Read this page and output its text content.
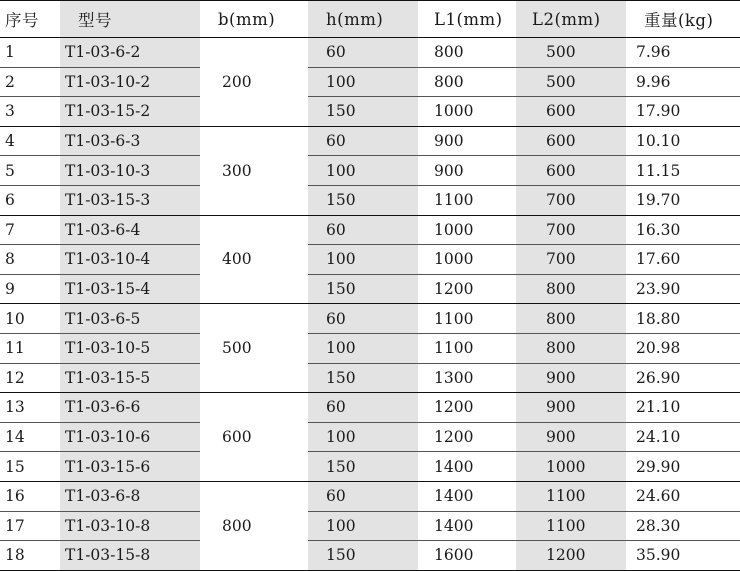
序号	型号	b(mm)	h(mm)	L1(mm)	L2(mm)	重量(kg)
1	T1-03-6-2	200	60	800	500	7.96
2	T1-03-10-2		100	800	500	9.96
3	T1-03-15-2		150	1000	600	17.90
4	T1-03-6-3	300	60	900	600	10.10
5	T1-03-10-3		100	900	600	11.15
6	T1-03-15-3		150	1100	700	19.70
7	T1-03-6-4	400	60	1000	700	16.30
8	T1-03-10-4		100	1000	700	17.60
9	T1-03-15-4		150	1200	800	23.90
10	T1-03-6-5	500	60	1100	800	18.80
11	T1-03-10-5		100	1100	800	20.98
12	T1-03-15-5		150	1300	900	26.90
13	T1-03-6-6	600	60	1200	900	21.10
14	T1-03-10-6		100	1200	900	24.10
15	T1-03-15-6		150	1400	1000	29.90
16	T1-03-6-8	800	60	1400	1100	24.60
17	T1-03-10-8		100	1400	1100	28.30
18	T1-03-15-8		150	1600	1200	35.90
